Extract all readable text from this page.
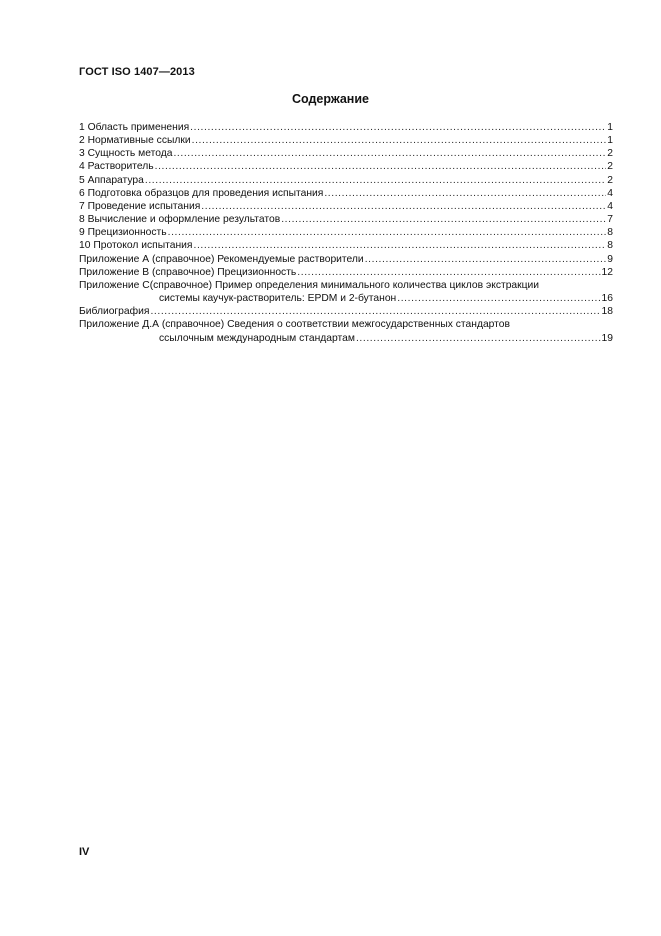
ГОСТ ISO 1407—2013
Содержание
1 Область применения .....	1
2 Нормативные ссылки .....	1
3 Сущность метода .....	2
4 Растворитель .....	2
5 Аппаратура .....	2
6 Подготовка образцов для проведения испытания .....	4
7 Проведение испытания .....	4
8 Вычисление и оформление результатов .....	7
9 Прецизионность .....	8
10 Протокол испытания .....	8
Приложение А (справочное) Рекомендуемые растворители .....	9
Приложение В (справочное) Прецизионность .....	12
Приложение С(справочное) Пример определения минимального количества циклов экстракции
системы каучук-растворитель: EPDM и 2-бутанон .....	16
Библиография .....	18
Приложение Д.А (справочное) Сведения о соответствии межгосударственных стандартов
ссылочным международным стандартам .....	19
IV
